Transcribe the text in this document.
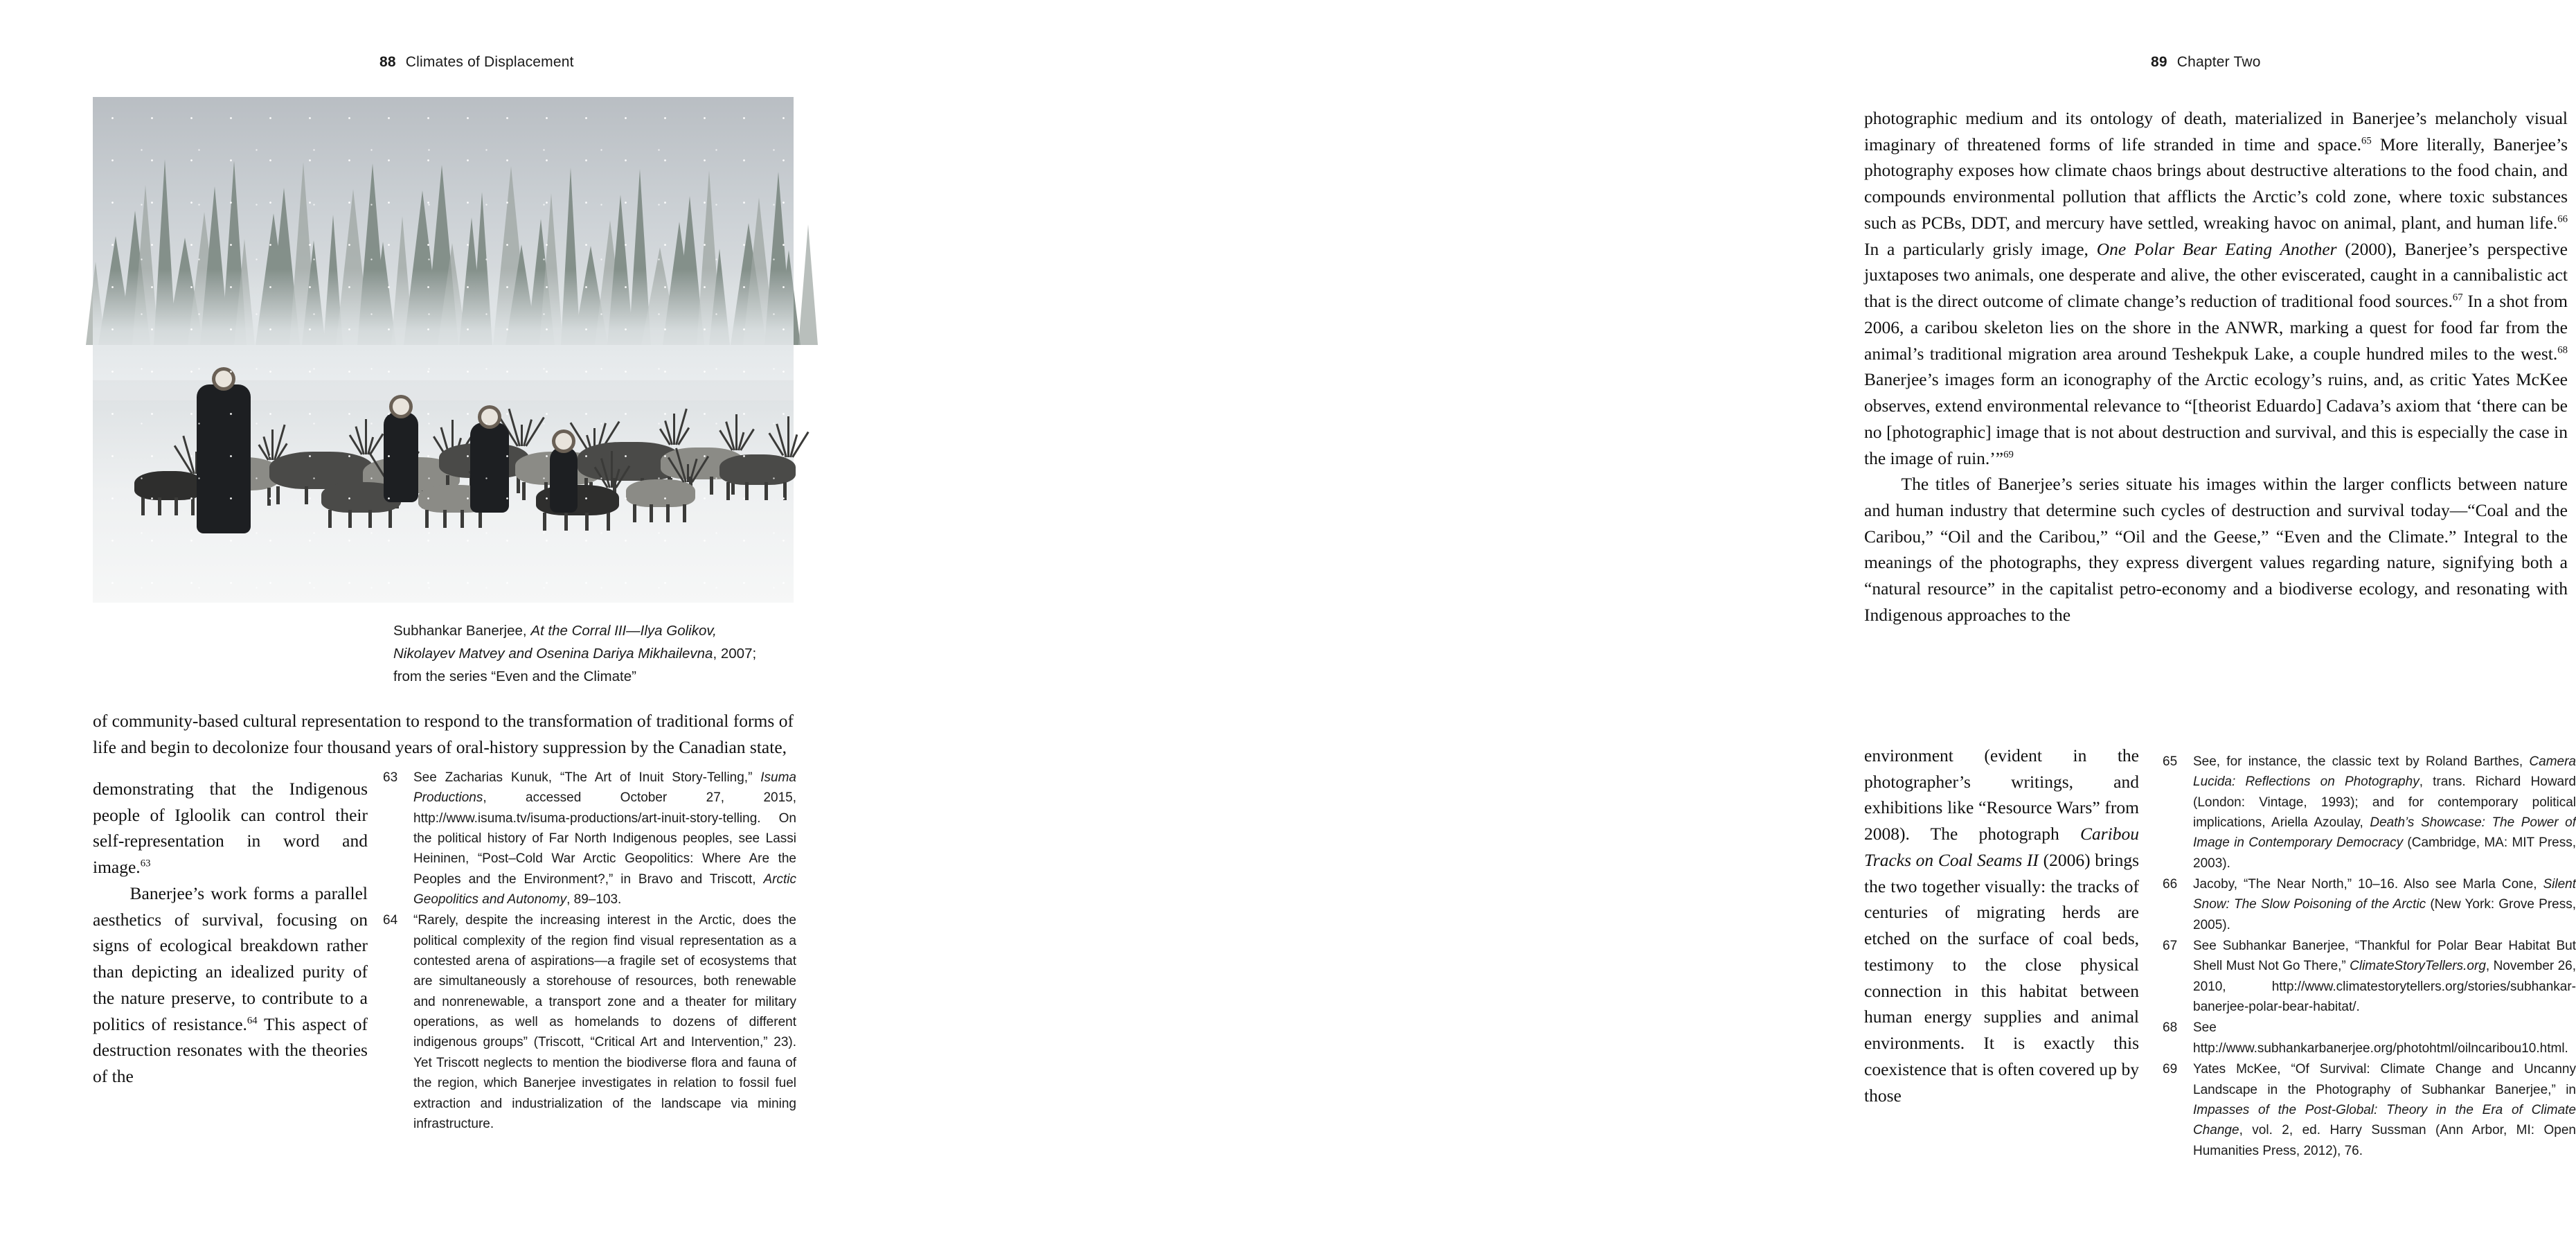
88 Climates of Displacement
Subhankar Banerjee, At the Corral III—Ilya Golikov,
Nikolayev Matvey and Osenina Dariya Mikhailevna, 2007;
from the series “Even and the Climate”

of community-based cultural representation to respond to the transformation of traditional forms of life and begin to decolonize four thousand years of oral-history suppression by the Canadian state,

demonstrating that the Indigenous people of Igloolik can control their self-representation in word and image.$^{63}$

Banerjee’s work forms a parallel aesthetics of survival, focusing on signs of ecological breakdown rather than depicting an idealized purity of the nature preserve, to contribute to a politics of resistance.$^{64}$ This aspect of destruction resonates with the theories of the

63	See Zacharias Kunuk, “The Art of Inuit Story-Telling,” Isuma Productions, accessed October 27, 2015, http://www.isuma.tv/isuma-productions/art-inuit-story-telling. On the political history of Far North Indigenous peoples, see Lassi Heininen, “Post–Cold War Arctic Geopolitics: Where Are the Peoples and the Environment?,” in Bravo and Triscott, Arctic Geopolitics and Autonomy, 89–103.
64	“Rarely, despite the increasing interest in the Arctic, does the political complexity of the region find visual representation as a contested arena of aspirations—a fragile set of ecosystems that are simultaneously a storehouse of resources, both renewable and nonrenewable, a transport zone and a theater for military operations, as well as homelands to dozens of different indigenous groups” (Triscott, “Critical Art and Intervention,” 23). Yet Triscott neglects to mention the biodiverse flora and fauna of the region, which Banerjee investigates in relation to fossil fuel extraction and industrialization of the landscape via mining infrastructure.
89 Chapter Two

photographic medium and its ontology of death, materialized in Banerjee’s melancholy visual imaginary of threatened forms of life stranded in time and space.$^{65}$ More literally, Banerjee’s photography exposes how climate chaos brings about destructive alterations to the food chain, and compounds environmental pollution that afflicts the Arctic’s cold zone, where toxic substances such as PCBs, DDT, and mercury have settled, wreaking havoc on animal, plant, and human life.$^{66}$ In a particularly grisly image, One Polar Bear Eating Another (2000), Banerjee’s perspective juxtaposes two animals, one desperate and alive, the other eviscerated, caught in a cannibalistic act that is the direct outcome of climate change’s reduction of traditional food sources.$^{67}$ In a shot from 2006, a caribou skeleton lies on the shore in the ANWR, marking a quest for food far from the animal’s traditional migration area around Teshekpuk Lake, a couple hundred miles to the west.$^{68}$ Banerjee’s images form an iconography of the Arctic ecology’s ruins, and, as critic Yates McKee observes, extend environmental relevance to “[theorist Eduardo] Cadava’s axiom that ‘there can be no [photographic] image that is not about destruction and survival, and this is especially the case in the image of ruin.’”$^{69}$

The titles of Banerjee’s series situate his images within the larger conflicts between nature and human industry that determine such cycles of destruction and survival today—“Coal and the Caribou,” “Oil and the Caribou,” “Oil and the Geese,” “Even and the Climate.” Integral to the meanings of the photographs, they express divergent values regarding nature, signifying both a “natural resource” in the capitalist petro-economy and a biodiverse ecology, and resonating with Indigenous approaches to the

environment (evident in the photographer’s writings, and exhibitions like “Resource Wars” from 2008). The photograph Caribou Tracks on Coal Seams II (2006) brings the two together visually: the tracks of centuries of migrating herds are etched on the surface of coal beds, testimony to the close physical connection in this habitat between human energy supplies and animal environments. It is exactly this coexistence that is often covered up by those

65	See, for instance, the classic text by Roland Barthes, Camera Lucida: Reflections on Photography, trans. Richard Howard (London: Vintage, 1993); and for contemporary political implications, Ariella Azoulay, Death’s Showcase: The Power of Image in Contemporary Democracy (Cambridge, MA: MIT Press, 2003).
66	Jacoby, “The Near North,” 10–16. Also see Marla Cone, Silent Snow: The Slow Poisoning of the Arctic (New York: Grove Press, 2005).
67	See Subhankar Banerjee, “Thankful for Polar Bear Habitat But Shell Must Not Go There,” ClimateStoryTellers.org, November 26, 2010, http://www.climatestorytellers.org/stories/subhankar-banerjee-polar-bear-habitat/.
68	See http://www.subhankarbanerjee.org/photohtml/oilncaribou10.html.
69	Yates McKee, “Of Survival: Climate Change and Uncanny Landscape in the Photography of Subhankar Banerjee,” in Impasses of the Post-Global: Theory in the Era of Climate Change, vol. 2, ed. Harry Sussman (Ann Arbor, MI: Open Humanities Press, 2012), 76.
